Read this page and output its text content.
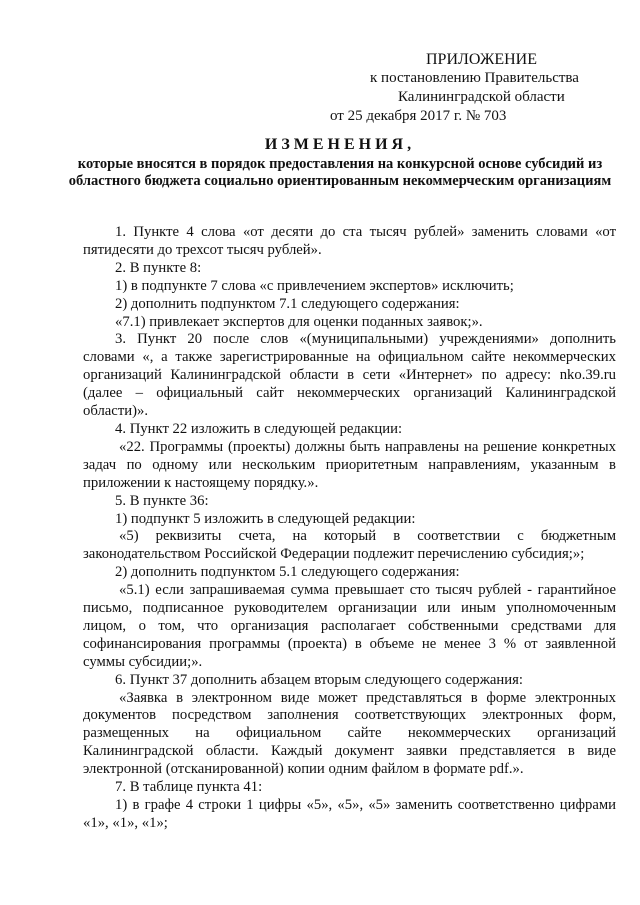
ПРИЛОЖЕНИЕ
к постановлению Правительства
Калининградской области
от 25 декабря 2017 г. № 703
ИЗМЕНЕНИЯ,
которые вносятся в порядок предоставления на конкурсной основе субсидий из областного бюджета социально ориентированным некоммерческим организациям

1. Пункте 4 слова «от десяти до ста тысяч рублей» заменить словами «от пятидесяти до трехсот тысяч рублей».

2. В пункте 8:

1) в подпункте 7 слова «с привлечением экспертов» исключить;

2) дополнить подпунктом 7.1 следующего содержания:

«7.1) привлекает экспертов для оценки поданных заявок;».

3. Пункт 20 после слов «(муниципальными) учреждениями» дополнить словами «, а также зарегистрированные на официальном сайте некоммерческих организаций Калининградской области в сети «Интернет» по адресу: nko.39.ru (далее – официальный сайт некоммерческих организаций Калининградской области)».

4. Пункт 22 изложить в следующей редакции:

«22. Программы (проекты) должны быть направлены на решение конкретных задач по одному или нескольким приоритетным направлениям, указанным в приложении к настоящему порядку.».

5. В пункте 36:

1) подпункт 5 изложить в следующей редакции:

«5) реквизиты счета, на который в соответствии с бюджетным законодательством Российской Федерации подлежит перечислению субсидия;»;

2) дополнить подпунктом 5.1 следующего содержания:

«5.1) если запрашиваемая сумма превышает сто тысяч рублей - гарантийное письмо, подписанное руководителем организации или иным уполномоченным лицом, о том, что организация располагает собственными средствами для софинансирования программы (проекта) в объеме не менее 3 % от заявленной суммы субсидии;».

6. Пункт 37 дополнить абзацем вторым следующего содержания:

«Заявка в электронном виде может представляться в форме электронных документов посредством заполнения соответствующих электронных форм, размещенных на официальном сайте некоммерческих организаций Калининградской области. Каждый документ заявки представляется в виде электронной (отсканированной) копии одним файлом в формате pdf.».

7. В таблице пункта 41:

1) в графе 4 строки 1 цифры «5», «5», «5» заменить соответственно цифрами «1», «1», «1»;
